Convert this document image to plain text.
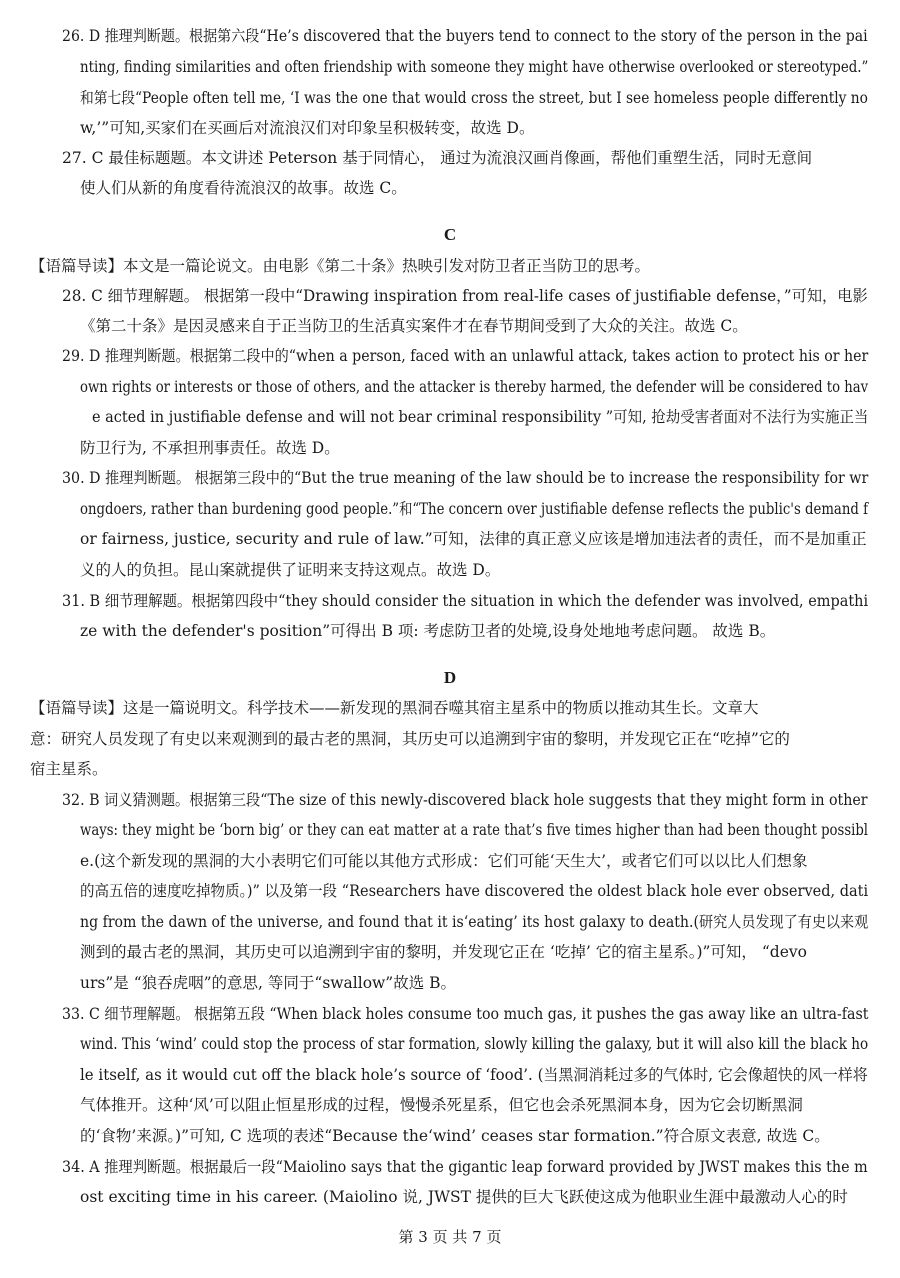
26. D 推理判断题。根据第六段“He’s discovered that the buyers tend to connect to the story of the person in the pai
nting, finding similarities and often friendship with someone they might have otherwise overlooked or stereotyped.”
和第七段“People often tell me, ‘I was the one that would cross the street, but I see homeless people differently no
w,’”可知,买家们在买画后对流浪汉们对印象呈积极转变，故选 D。
27. C 最佳标题题。本文讲述 Peterson 基于同情心， 通过为流浪汉画肖像画，帮他们重塑生活，同时无意间
使人们从新的角度看待流浪汉的故事。故选 C。
C
【语篇导读】本文是一篇论说文。由电影《第二十条》热映引发对防卫者正当防卫的思考。
28. C 细节理解题。 根据第一段中“Drawing inspiration from real-life cases of justifiable defense，”可知，电影
《第二十条》是因灵感来自于正当防卫的生活真实案件才在春节期间受到了大众的关注。故选 C。
29. D 推理判断题。根据第二段中的“when a person, faced with an unlawful attack, takes action to protect his or her
own rights or interests or those of others, and the attacker is thereby harmed, the defender will be considered to hav
e acted in justifiable defense and will not bear criminal responsibility ”可知, 抢劫受害者面对不法行为实施正当
防卫行为, 不承担刑事责任。故选 D。
30. D 推理判断题。 根据第三段中的“But the true meaning of the law should be to increase the responsibility for wr
ongdoers, rather than burdening good people.”和“The concern over justifiable defense reflects the public's demand f
or fairness, justice, security and rule of law.”可知，法律的真正意义应该是增加违法者的责任，而不是加重正
义的人的负担。昆山案就提供了证明来支持这观点。故选 D。
31. B 细节理解题。根据第四段中“they should consider the situation in which the defender was involved, empathi
ze with the defender's position”可得出 B 项: 考虑防卫者的处境,设身处地地考虑问题。 故选 B。
D
【语篇导读】这是一篇说明文。科学技术——新发现的黑洞吞噬其宿主星系中的物质以推动其生长。文章大
意：研究人员发现了有史以来观测到的最古老的黑洞，其历史可以追溯到宇宙的黎明，并发现它正在“吃掉”它的
宿主星系。
32. B 词义猜测题。根据第三段“The size of this newly-discovered black hole suggests that they might form in other
ways: they might be ‘born big’ or they can eat matter at a rate that’s five times higher than had been thought possibl
e.(这个新发现的黑洞的大小表明它们可能以其他方式形成：它们可能‘天生大’，或者它们可以以比人们想象
的高五倍的速度吃掉物质。)” 以及第一段 “Researchers have discovered the oldest black hole ever observed, dati
ng from the dawn of the universe, and found that it is‘eating’ its host galaxy to death.(研究人员发现了有史以来观
测到的最古老的黑洞，其历史可以追溯到宇宙的黎明，并发现它正在 ‘吃掉’ 它的宿主星系。)”可知， “devo
urs”是 “狼吞虎咽”的意思, 等同于“swallow”故选 B。
33. C 细节理解题。 根据第五段 “When black holes consume too much gas, it pushes the gas away like an ultra-fast
wind. This ‘wind’ could stop the process of star formation, slowly killing the galaxy, but it will also kill the black ho
le itself, as it would cut off the black hole’s source of ‘food’. (当黑洞消耗过多的气体时, 它会像超快的风一样将
气体推开。这种‘风’可以阻止恒星形成的过程，慢慢杀死星系，但它也会杀死黑洞本身，因为它会切断黑洞
的‘食物’来源。)”可知, C 选项的表述“Because the‘wind’ ceases star formation.”符合原文表意, 故选 C。
34. A 推理判断题。根据最后一段“Maiolino says that the gigantic leap forward provided by JWST makes this the m
ost exciting time in his career. (Maiolino 说, JWST 提供的巨大飞跃使这成为他职业生涯中最激动人心的时
第 3 页 共 7 页
